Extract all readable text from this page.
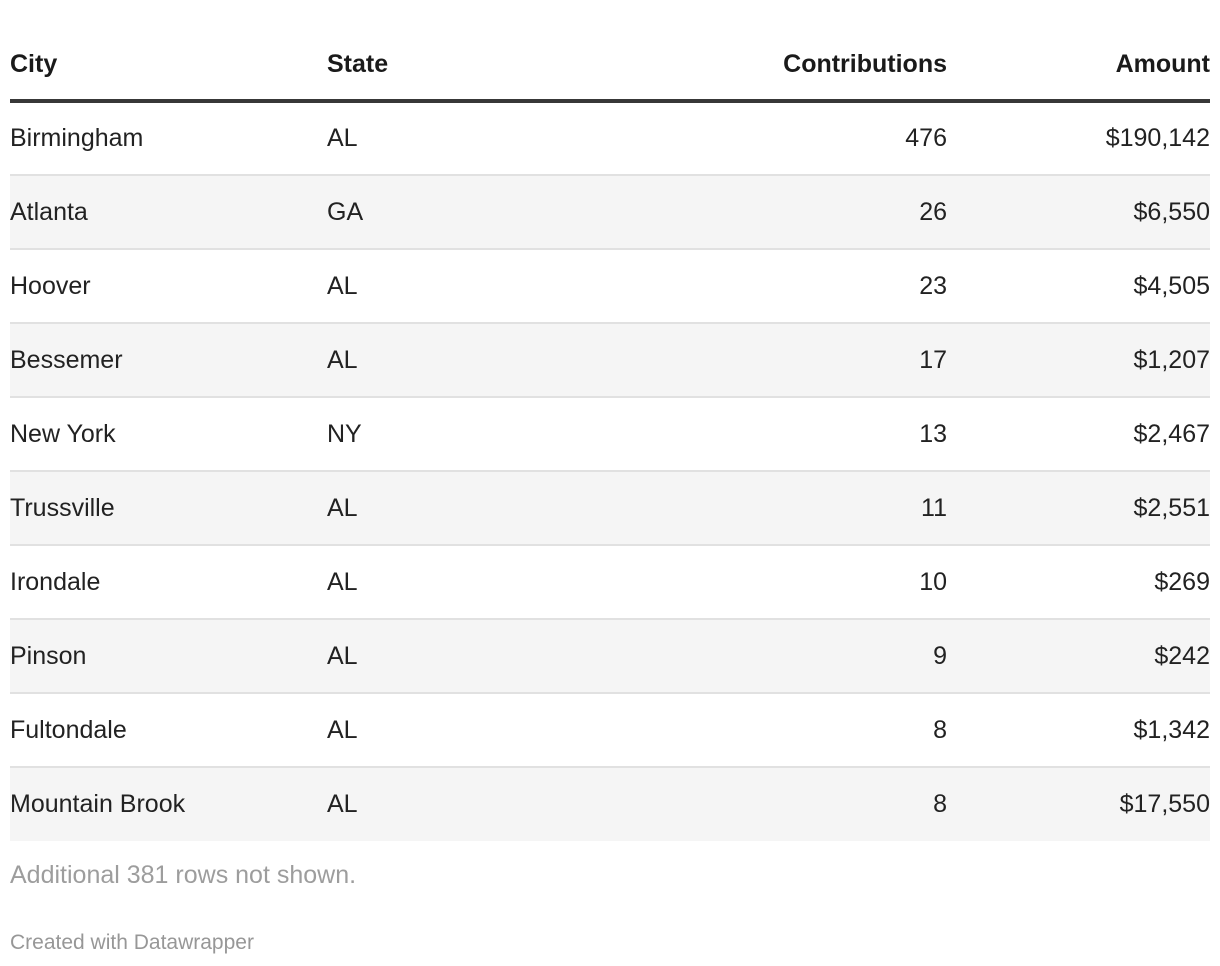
City	State	Contributions	Amount
Birmingham	AL	476	$190,142
Atlanta	GA	26	$6,550
Hoover	AL	23	$4,505
Bessemer	AL	17	$1,207
New York	NY	13	$2,467
Trussville	AL	11	$2,551
Irondale	AL	10	$269
Pinson	AL	9	$242
Fultondale	AL	8	$1,342
Mountain Brook	AL	8	$17,550
Additional 381 rows not shown.
Created with Datawrapper
